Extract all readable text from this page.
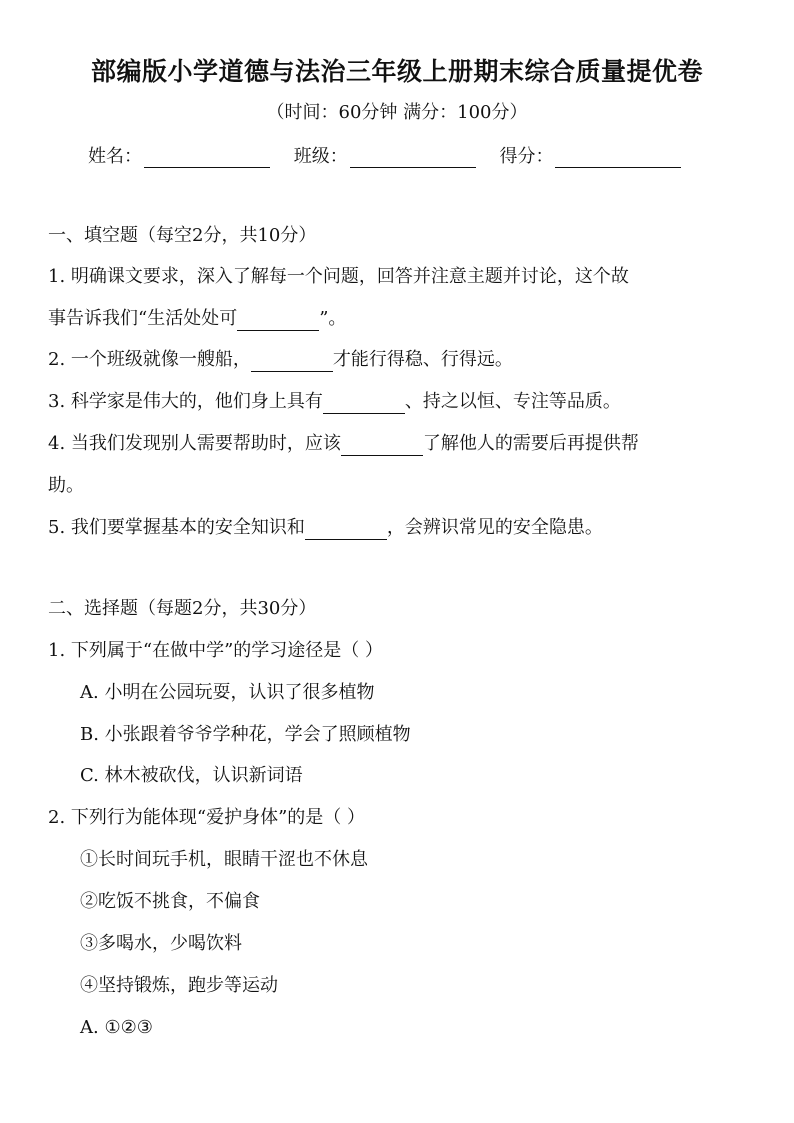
部编版小学道德与法治三年级上册期末综合质量提优卷
（时间：60分钟 满分：100分）
姓名：	班级：	得分：
一、填空题（每空2分，共10分）
1. 明确课文要求，深入了解每一个问题，回答并注意主题并讨论，这个故
事告诉我们“生活处处可	”。
2. 一个班级就像一艘船，	才能行得稳、行得远。
3. 科学家是伟大的，他们身上具有	、持之以恒、专注等品质。
4. 当我们发现别人需要帮助时，应该	了解他人的需要后再提供帮
助。
5. 我们要掌握基本的安全知识和	，会辨识常见的安全隐患。
二、选择题（每题2分，共30分）
1. 下列属于“在做中学”的学习途径是（ ）
A. 小明在公园玩耍，认识了很多植物
B. 小张跟着爷爷学种花，学会了照顾植物
C. 林木被砍伐，认识新词语
2. 下列行为能体现“爱护身体”的是（ ）
①长时间玩手机，眼睛干涩也不休息
②吃饭不挑食，不偏食
③多喝水，少喝饮料
④坚持锻炼，跑步等运动
A. ①②③
